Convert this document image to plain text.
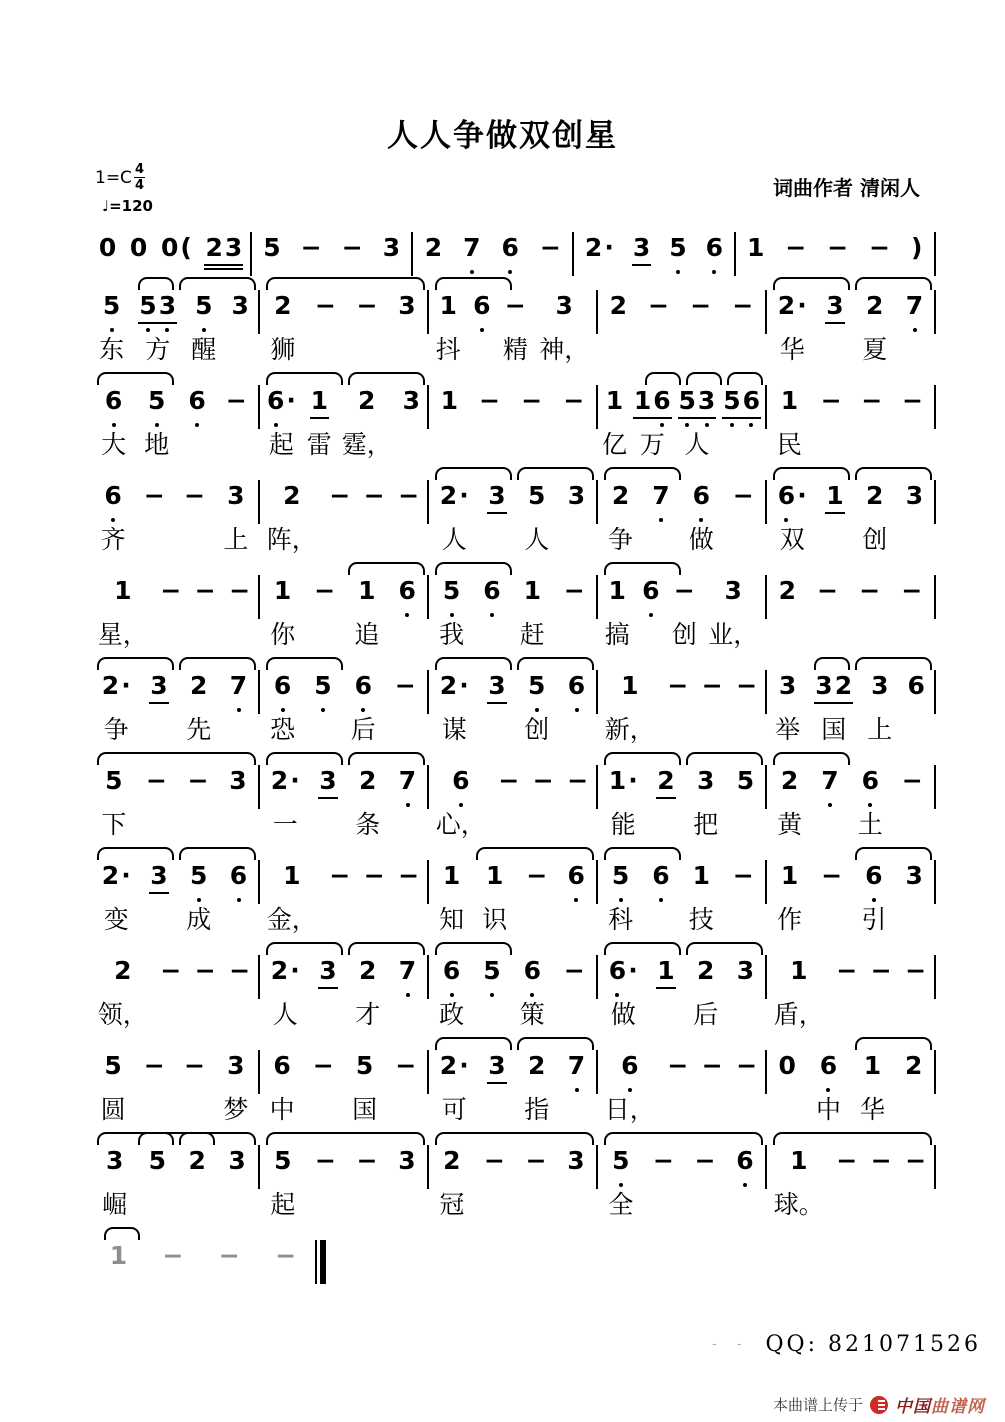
人人争做双创星
$1=C \frac{4}{4}$
♩=120
词曲作者 清闲人
0 0 0 ( 2 3 5 − − 3 2 7 6 − 2 · 3 5 6 1 − − − )
5
东
5 3
方
5
醒
3 2
狮
− − 3 1
抖
6 −
精
3
神，
2 − − − 2 ·
华
3 2
夏
7
6
大
5
地
6 − 6 ·
起
1
雷
2
霆，
3 1 − − − 1
亿
1 6
万
5 3
人
5 6 1
民
− − −
6
齐
− − 3
上
2
阵，
− − − 2 ·
人
3 5
人
3 2
争
7 6
做
− 6 ·
双
1 2
创
3
1
星，
− − − 1
你
− 1
追
6 5
我
6 1
赶
− 1
搞
6 −
创
3
业，
2 − − −
2 ·
争
3 2
先
7 6
恐
5 6
后
− 2 ·
谋
3 5
创
6 1
新，
− − − 3
举
3 2
国
3
上
6
5
下
− − 3 2 ·
一
3 2
条
7 6
心，
− − − 1 ·
能
2 3
把
5 2
黄
7 6
土
−
2 ·
变
3 5
成
6 1
金，
− − − 1
知
1
识
− 6 5
科
6 1
技
− 1
作
− 6
引
3
2
领，
− − − 2 ·
人
3 2
才
7 6
政
5 6
策
− 6 ·
做
1 2
后
3 1
盾，
− − −
5
圆
− − 3
梦
6
中
− 5
国
− 2 ·
可
3 2
指
7 6
日，
− − − 0 6
中
1
华
2
3
崛
5 2 3 5
起
− − 3 2
冠
− − 3 5
全
− − 6 1
球。
− − −
1 − − −
- - QQ: 821071526
本曲谱上传于 中国曲谱网
